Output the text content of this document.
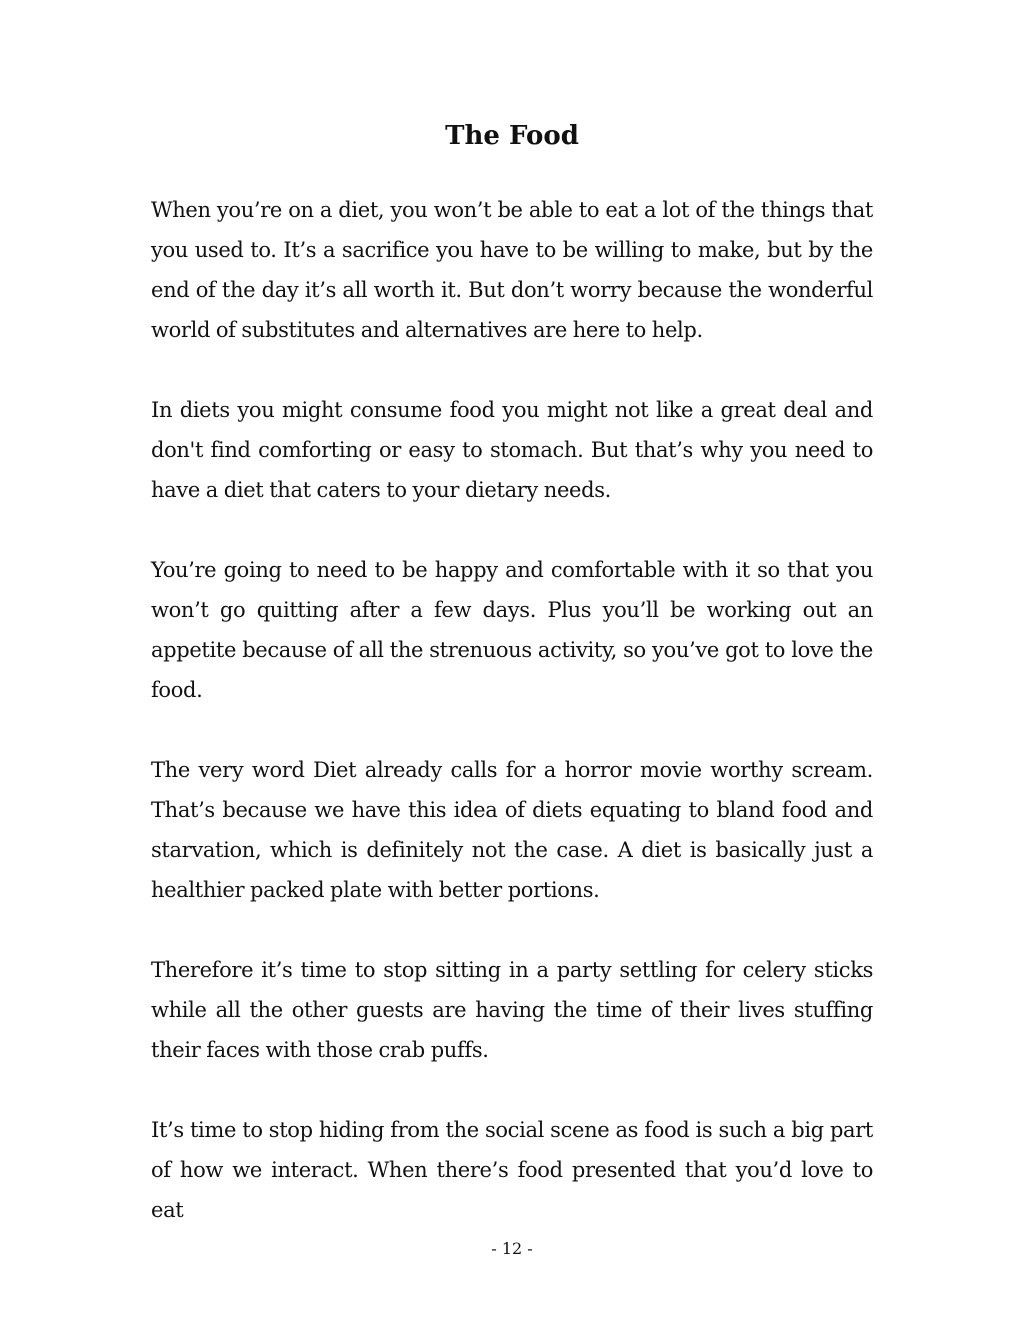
The Food

When you’re on a diet, you won’t be able to eat a lot of the things that you used to. It’s a sacrifice you have to be willing to make, but by the end of the day it’s all worth it. But don’t worry because the wonderful world of substitutes and alternatives are here to help.

In diets you might consume food you might not like a great deal and don't find comforting or easy to stomach. But that’s why you need to have a diet that caters to your dietary needs.

You’re going to need to be happy and comfortable with it so that you won’t go quitting after a few days. Plus you’ll be working out an appetite because of all the strenuous activity, so you’ve got to love the food.

The very word Diet already calls for a horror movie worthy scream. That’s because we have this idea of diets equating to bland food and starvation, which is definitely not the case. A diet is basically just a healthier packed plate with better portions.

Therefore it’s time to stop sitting in a party settling for celery sticks while all the other guests are having the time of their lives stuffing their faces with those crab puffs.

It’s time to stop hiding from the social scene as food is such a big part of how we interact. When there’s food presented that you’d love to eat

- 12 -
